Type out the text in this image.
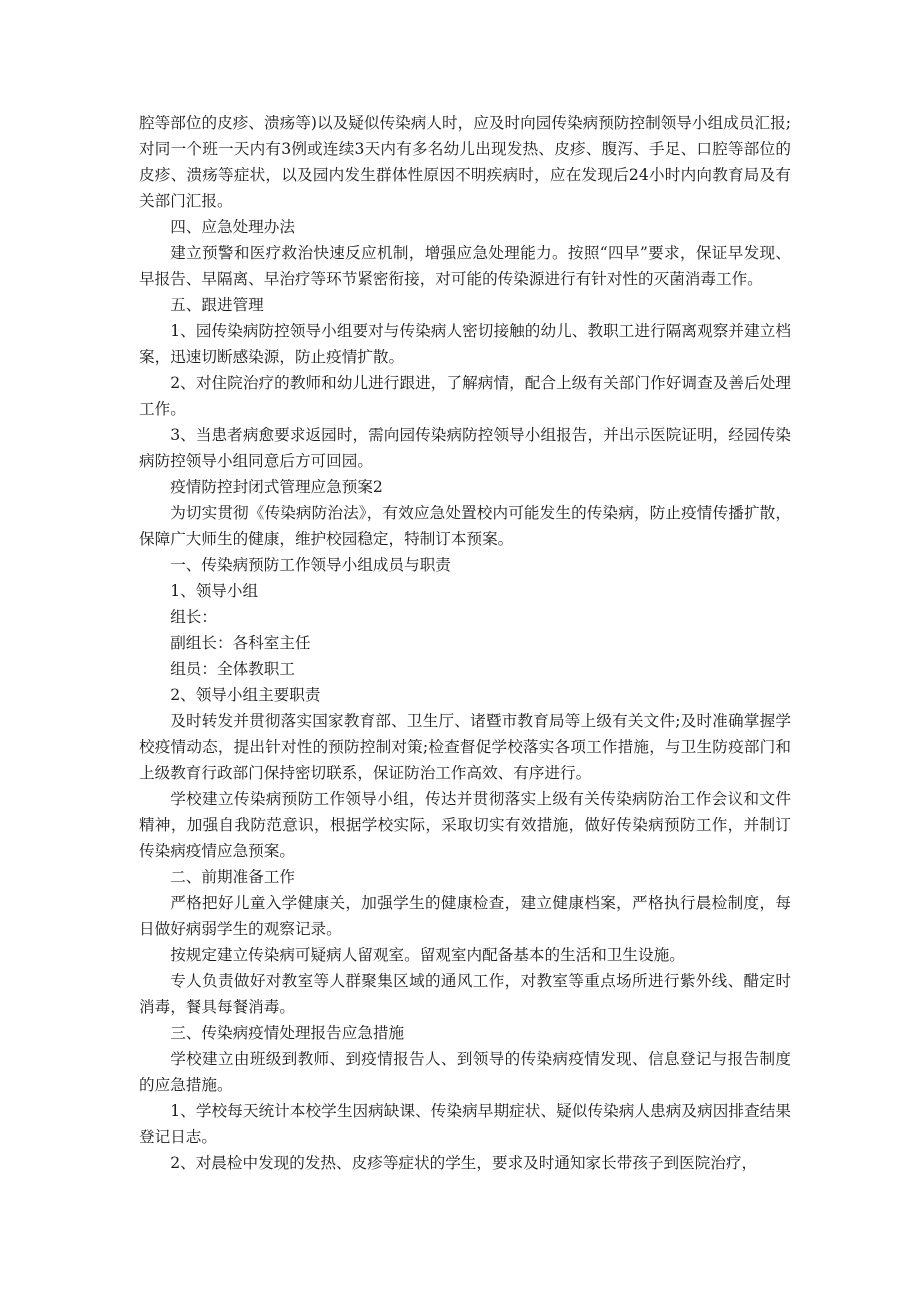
腔等部位的皮疹、溃疡等)以及疑似传染病人时，应及时向园传染病预防控制领导小组成员汇报;对同一个班一天内有3例或连续3天内有多名幼儿出现发热、皮疹、腹泻、手足、口腔等部位的皮疹、溃疡等症状，以及园内发生群体性原因不明疾病时，应在发现后24小时内向教育局及有关部门汇报。

四、应急处理办法

建立预警和医疗救治快速反应机制，增强应急处理能力。按照“四早”要求，保证早发现、早报告、早隔离、早治疗等环节紧密衔接，对可能的传染源进行有针对性的灭菌消毒工作。

五、跟进管理

1、园传染病防控领导小组要对与传染病人密切接触的幼儿、教职工进行隔离观察并建立档案，迅速切断感染源，防止疫情扩散。

2、对住院治疗的教师和幼儿进行跟进，了解病情，配合上级有关部门作好调查及善后处理工作。

3、当患者病愈要求返园时，需向园传染病防控领导小组报告，并出示医院证明，经园传染病防控领导小组同意后方可回园。

疫情防控封闭式管理应急预案2

为切实贯彻《传染病防治法》，有效应急处置校内可能发生的传染病，防止疫情传播扩散，保障广大师生的健康，维护校园稳定，特制订本预案。

一、传染病预防工作领导小组成员与职责

1、领导小组

组长：

副组长：各科室主任

组员：全体教职工

2、领导小组主要职责

及时转发并贯彻落实国家教育部、卫生厅、诸暨市教育局等上级有关文件;及时准确掌握学校疫情动态，提出针对性的预防控制对策;检查督促学校落实各项工作措施，与卫生防疫部门和上级教育行政部门保持密切联系，保证防治工作高效、有序进行。

学校建立传染病预防工作领导小组，传达并贯彻落实上级有关传染病防治工作会议和文件精神，加强自我防范意识，根据学校实际，采取切实有效措施，做好传染病预防工作，并制订传染病疫情应急预案。

二、前期准备工作

严格把好儿童入学健康关，加强学生的健康检查，建立健康档案，严格执行晨检制度，每日做好病弱学生的观察记录。

按规定建立传染病可疑病人留观室。留观室内配备基本的生活和卫生设施。

专人负责做好对教室等人群聚集区域的通风工作，对教室等重点场所进行紫外线、醋定时消毒，餐具每餐消毒。

三、传染病疫情处理报告应急措施

学校建立由班级到教师、到疫情报告人、到领导的传染病疫情发现、信息登记与报告制度的应急措施。

1、学校每天统计本校学生因病缺课、传染病早期症状、疑似传染病人患病及病因排查结果登记日志。

2、对晨检中发现的发热、皮疹等症状的学生，要求及时通知家长带孩子到医院治疗，
